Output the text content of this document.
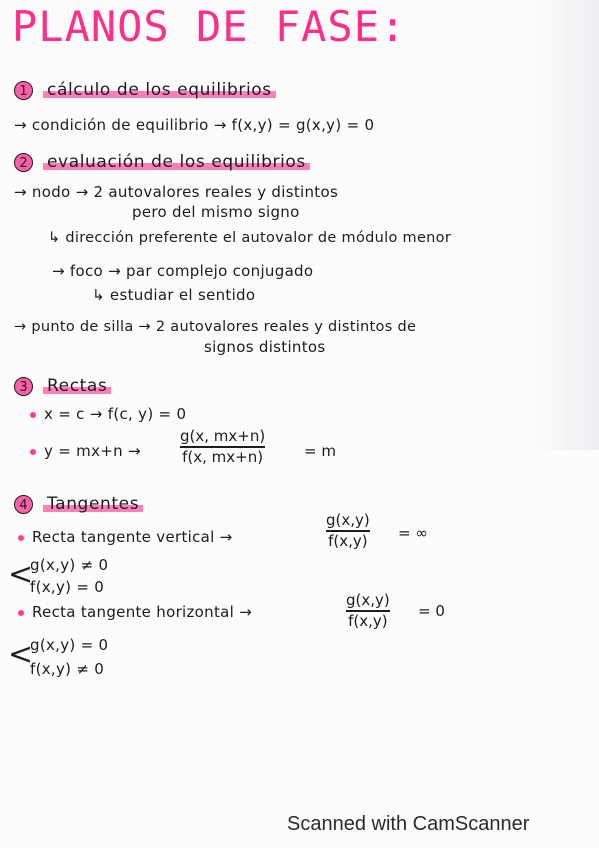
PLANOS DE FASE:
1	cálculo de los equilibrios
→ condición de equilibrio → f(x,y) = g(x,y) = 0
2	evaluación de los equilibrios
→ nodo → 2 autovalores reales y distintos
pero del mismo signo
↳ dirección preferente el autovalor de módulo menor
→ foco → par complejo conjugado
↳ estudiar el sentido
→ punto de silla → 2 autovalores reales y distintos de
signos distintos
3	Rectas
x = c → f(c, y) = 0
y = mx+n →
g(x, mx+n)
f(x, mx+n)	= m
4	Tangentes
Recta tangente vertical →
g(x,y)
f(x,y) = ∞
<
g(x,y) ≠ 0
f(x,y) = 0
Recta tangente horizontal →
g(x,y)
f(x,y)
= 0
<
g(x,y) = 0
f(x,y) ≠ 0
Scanned with CamScanner
